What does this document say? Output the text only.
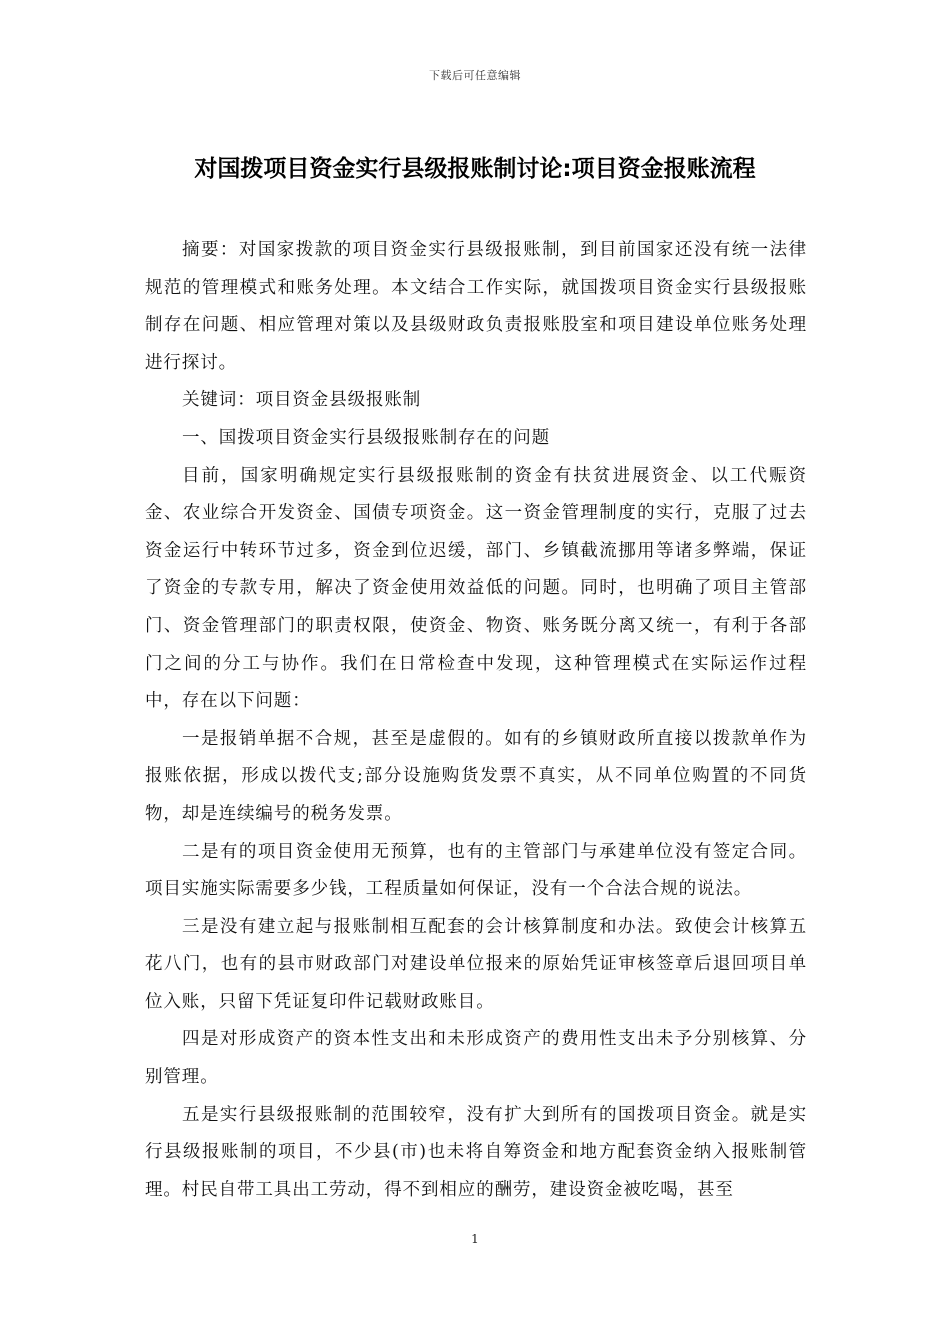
下载后可任意编辑
对国拨项目资金实行县级报账制讨论:项目资金报账流程

摘要：对国家拨款的项目资金实行县级报账制，到目前国家还没有统一法律规范的管理模式和账务处理。本文结合工作实际，就国拨项目资金实行县级报账制存在问题、相应管理对策以及县级财政负责报账股室和项目建设单位账务处理进行探讨。

关键词：项目资金县级报账制

一、国拨项目资金实行县级报账制存在的问题

目前，国家明确规定实行县级报账制的资金有扶贫进展资金、以工代赈资金、农业综合开发资金、国债专项资金。这一资金管理制度的实行，克服了过去资金运行中转环节过多，资金到位迟缓，部门、乡镇截流挪用等诸多弊端，保证了资金的专款专用，解决了资金使用效益低的问题。同时，也明确了项目主管部门、资金管理部门的职责权限，使资金、物资、账务既分离又统一，有利于各部门之间的分工与协作。我们在日常检查中发现，这种管理模式在实际运作过程中，存在以下问题：

一是报销单据不合规，甚至是虚假的。如有的乡镇财政所直接以拨款单作为报账依据，形成以拨代支;部分设施购货发票不真实，从不同单位购置的不同货物，却是连续编号的税务发票。

二是有的项目资金使用无预算，也有的主管部门与承建单位没有签定合同。项目实施实际需要多少钱，工程质量如何保证，没有一个合法合规的说法。

三是没有建立起与报账制相互配套的会计核算制度和办法。致使会计核算五花八门，也有的县市财政部门对建设单位报来的原始凭证审核签章后退回项目单位入账，只留下凭证复印件记载财政账目。

四是对形成资产的资本性支出和未形成资产的费用性支出未予分别核算、分别管理。

五是实行县级报账制的范围较窄，没有扩大到所有的国拨项目资金。就是实行县级报账制的项目，不少县(市)也未将自筹资金和地方配套资金纳入报账制管理。村民自带工具出工劳动，得不到相应的酬劳，建设资金被吃喝，甚至

1
